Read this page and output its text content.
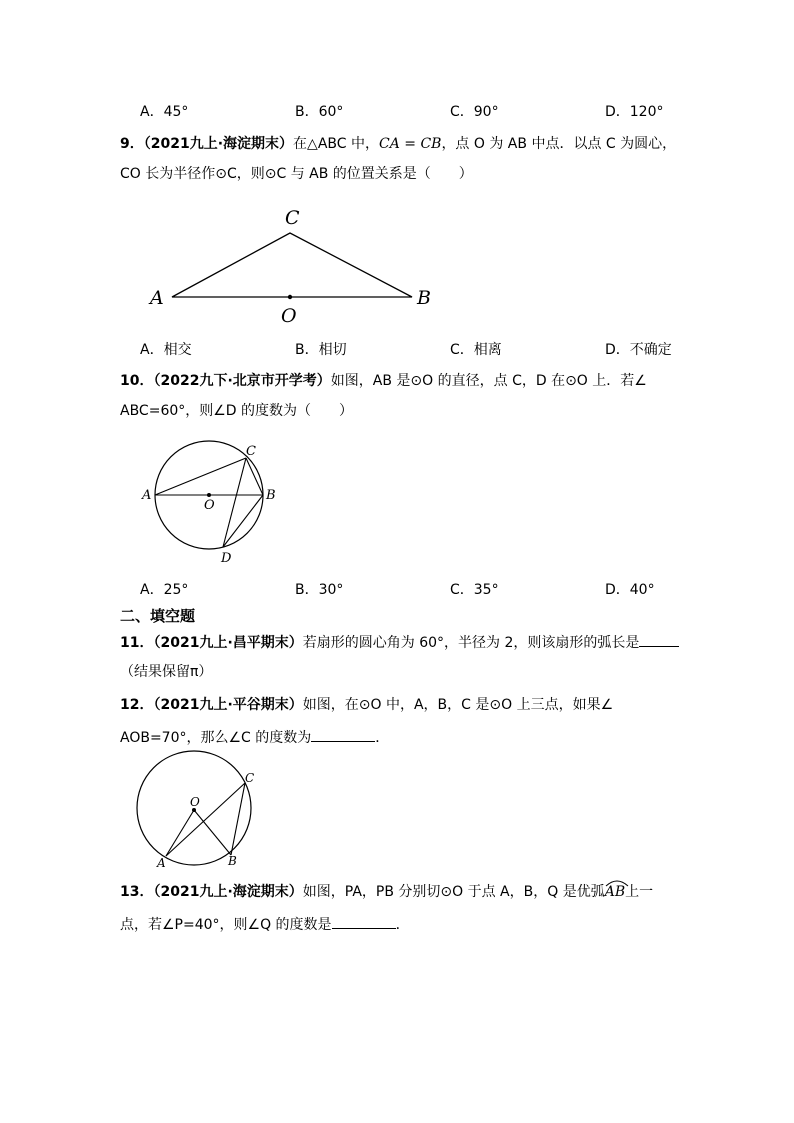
A．45°	B．60°	C．90°	D．120°
9．（2021九上·海淀期末）在△ABC 中，CA = CB，点 O 为 AB 中点．以点 C 为圆心，
CO 长为半径作⊙C，则⊙C 与 AB 的位置关系是（　　）
C
A	B
O
A．相交	B．相切	C．相离	D．不确定
10．（2022九下·北京市开学考）如图，AB 是⊙O 的直径，点 C，D 在⊙O 上．若∠
ABC=60°，则∠D 的度数为（　　）
C
A	B
O
D
A．25°	B．30°	C．35°	D．40°
二、填空题
11．（2021九上·昌平期末）若扇形的圆心角为 60°，半径为 2，则该扇形的弧长是
（结果保留π）
12．（2021九上·平谷期末）如图，在⊙O 中，A，B，C 是⊙O 上三点，如果∠
AOB=70°，那么∠C 的度数为	．
O
C
A	B
13．（2021九上·海淀期末）如图，PA，PB 分别切⊙O 于点 A，B，Q 是优弧
AB上一
点，若∠P=40°，则∠Q 的度数是	．
